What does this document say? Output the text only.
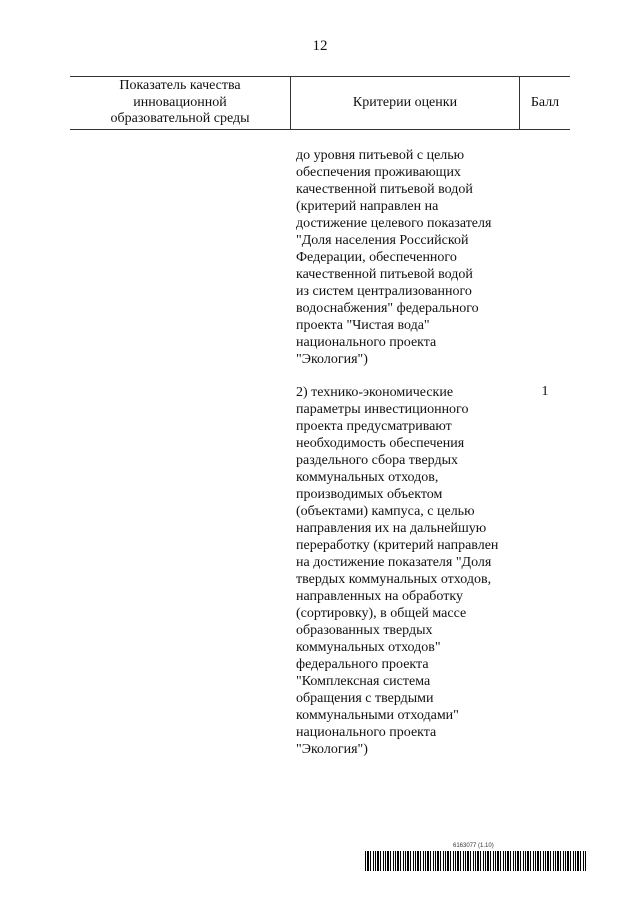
12
Показатель качества
инновационной
образовательной среды
Критерии оценки	Балл
до уровня питьевой с целью
обеспечения проживающих
качественной питьевой водой
(критерий направлен на
достижение целевого показателя
"Доля населения Российской
Федерации, обеспеченного
качественной питьевой водой
из систем централизованного
водоснабжения" федерального
проекта "Чистая вода"
национального проекта
"Экология")
2) технико-экономические
параметры инвестиционного
проекта предусматривают
необходимость обеспечения
раздельного сбора твердых
коммунальных отходов,
производимых объектом
(объектами) кампуса, с целью
направления их на дальнейшую
переработку (критерий направлен
на достижение показателя "Доля
твердых коммунальных отходов,
направленных на обработку
(сортировку), в общей массе
образованных твердых
коммунальных отходов"
федерального проекта
"Комплексная система
обращения с твердыми
коммунальными отходами"
национального проекта
"Экология")
1
6163077 (1.10)
